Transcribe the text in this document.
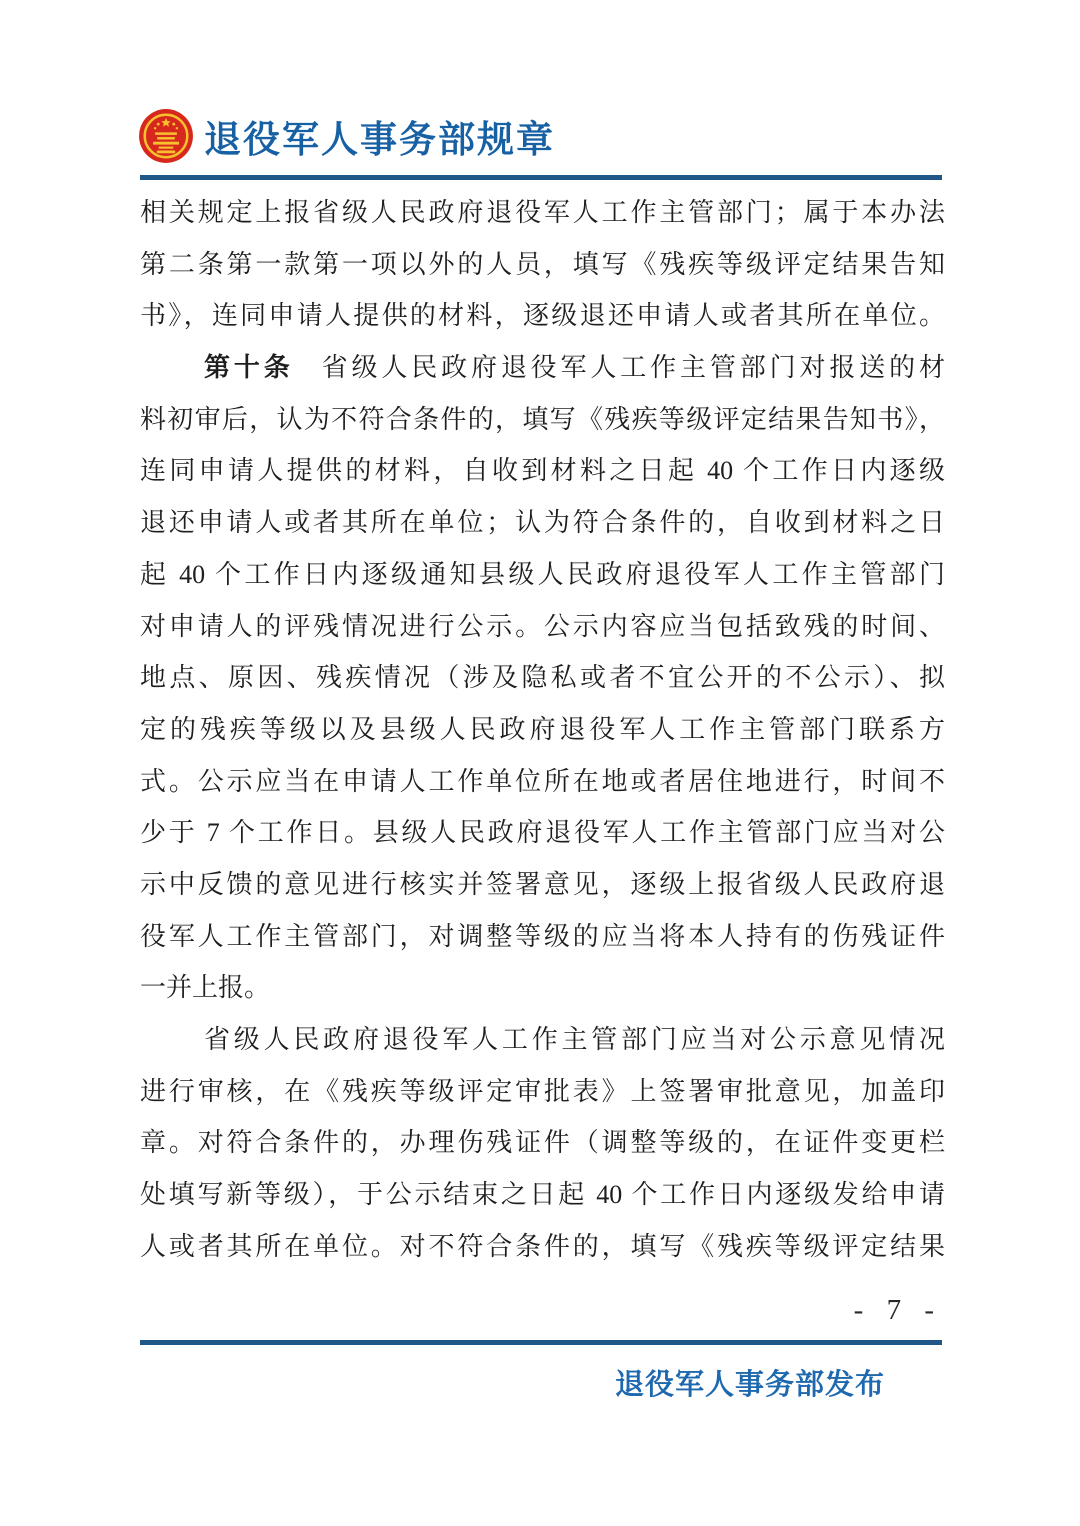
退役军人事务部规章
相关规定上报省级人民政府退役军人工作主管部门；属于本办法
第二条第一款第一项以外的人员，填写《残疾等级评定结果告知
书》，连同申请人提供的材料，逐级退还申请人或者其所在单位。
第十条 省级人民政府退役军人工作主管部门对报送的材
料初审后，认为不符合条件的，填写《残疾等级评定结果告知书》，
连同申请人提供的材料，自收到材料之日起 40 个工作日内逐级
退还申请人或者其所在单位；认为符合条件的，自收到材料之日
起 40 个工作日内逐级通知县级人民政府退役军人工作主管部门
对申请人的评残情况进行公示。公示内容应当包括致残的时间、
地点、原因、残疾情况（涉及隐私或者不宜公开的不公示）、拟
定的残疾等级以及县级人民政府退役军人工作主管部门联系方
式。公示应当在申请人工作单位所在地或者居住地进行，时间不
少于 7 个工作日。县级人民政府退役军人工作主管部门应当对公
示中反馈的意见进行核实并签署意见，逐级上报省级人民政府退
役军人工作主管部门，对调整等级的应当将本人持有的伤残证件
一并上报。
省级人民政府退役军人工作主管部门应当对公示意见情况
进行审核，在《残疾等级评定审批表》上签署审批意见，加盖印
章。对符合条件的，办理伤残证件（调整等级的，在证件变更栏
处填写新等级），于公示结束之日起 40 个工作日内逐级发给申请
人或者其所在单位。对不符合条件的，填写《残疾等级评定结果
- 7 -
退役军人事务部发布
